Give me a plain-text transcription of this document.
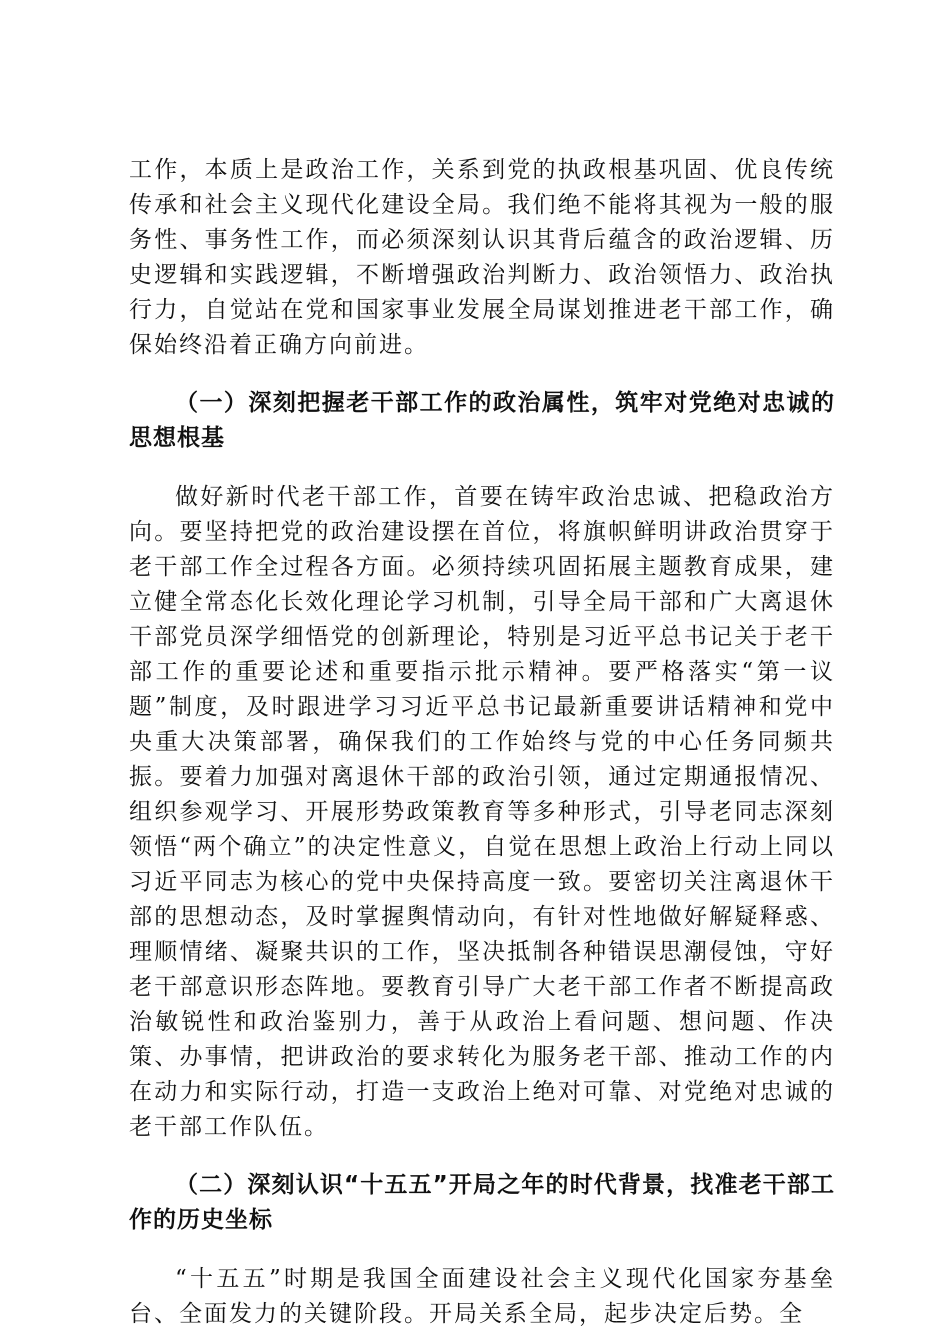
工作，本质上是政治工作，关系到党的执政根基巩固、优良传统传承和社会主义现代化建设全局。我们绝不能将其视为一般的服务性、事务性工作，而必须深刻认识其背后蕴含的政治逻辑、历史逻辑和实践逻辑，不断增强政治判断力、政治领悟力、政治执行力，自觉站在党和国家事业发展全局谋划推进老干部工作，确保始终沿着正确方向前进。

（一）深刻把握老干部工作的政治属性，筑牢对党绝对忠诚的思想根基

做好新时代老干部工作，首要在铸牢政治忠诚、把稳政治方向。要坚持把党的政治建设摆在首位，将旗帜鲜明讲政治贯穿于老干部工作全过程各方面。必须持续巩固拓展主题教育成果，建立健全常态化长效化理论学习机制，引导全局干部和广大离退休干部党员深学细悟党的创新理论，特别是习近平总书记关于老干部工作的重要论述和重要指示批示精神。要严格落实“第一议题”制度，及时跟进学习习近平总书记最新重要讲话精神和党中央重大决策部署，确保我们的工作始终与党的中心任务同频共振。要着力加强对离退休干部的政治引领，通过定期通报情况、组织参观学习、开展形势政策教育等多种形式，引导老同志深刻领悟“两个确立”的决定性意义，自觉在思想上政治上行动上同以习近平同志为核心的党中央保持高度一致。要密切关注离退休干部的思想动态，及时掌握舆情动向，有针对性地做好解疑释惑、理顺情绪、凝聚共识的工作，坚决抵制各种错误思潮侵蚀，守好老干部意识形态阵地。要教育引导广大老干部工作者不断提高政治敏锐性和政治鉴别力，善于从政治上看问题、想问题、作决策、办事情，把讲政治的要求转化为服务老干部、推动工作的内在动力和实际行动，打造一支政治上绝对可靠、对党绝对忠诚的老干部工作队伍。

（二）深刻认识“十五五”开局之年的时代背景，找准老干部工作的历史坐标

“十五五”时期是我国全面建设社会主义现代化国家夯基垒台、全面发力的关键阶段。开局关系全局，起步决定后势。全
